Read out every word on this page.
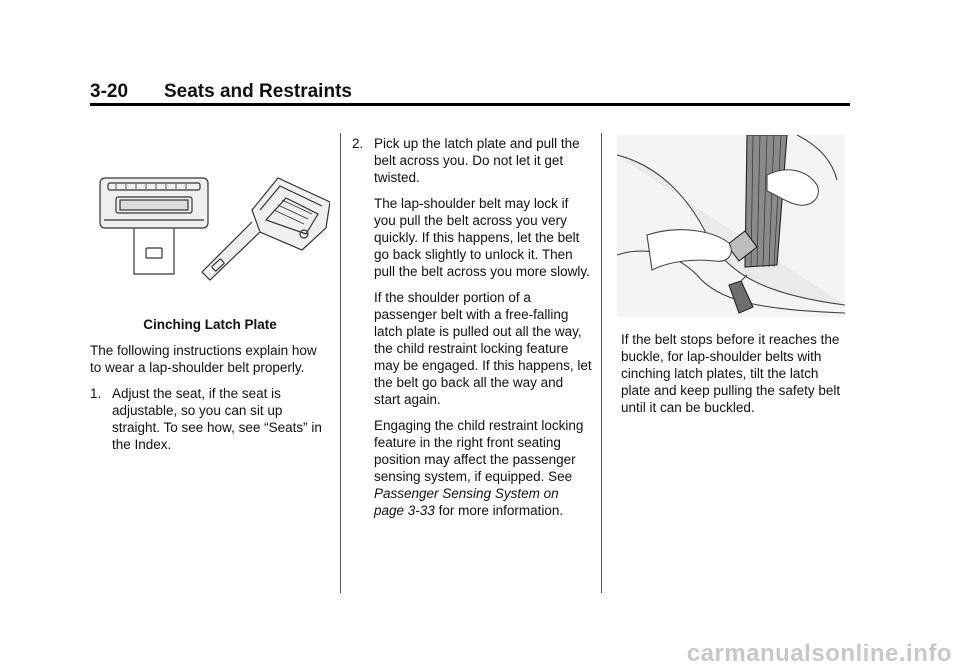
3-20 Seats and Restraints

Cinching Latch Plate

The following instructions explain how to wear a lap-shoulder belt properly.

1. Adjust the seat, if the seat is adjustable, so you can sit up straight. To see how, see “Seats” in the Index.
2. Pick up the latch plate and pull the belt across you. Do not let it get twisted.

The lap-shoulder belt may lock if you pull the belt across you very quickly. If this happens, let the belt go back slightly to unlock it. Then pull the belt across you more slowly.

If the shoulder portion of a passenger belt with a free-falling latch plate is pulled out all the way, the child restraint locking feature may be engaged. If this happens, let the belt go back all the way and start again.

Engaging the child restraint locking feature in the right front seating position may affect the passenger sensing system, if equipped. See Passenger Sensing System on page 3-33 for more information.

If the belt stops before it reaches the buckle, for lap-shoulder belts with cinching latch plates, tilt the latch plate and keep pulling the safety belt until it can be buckled.

carmanualsonline.info
